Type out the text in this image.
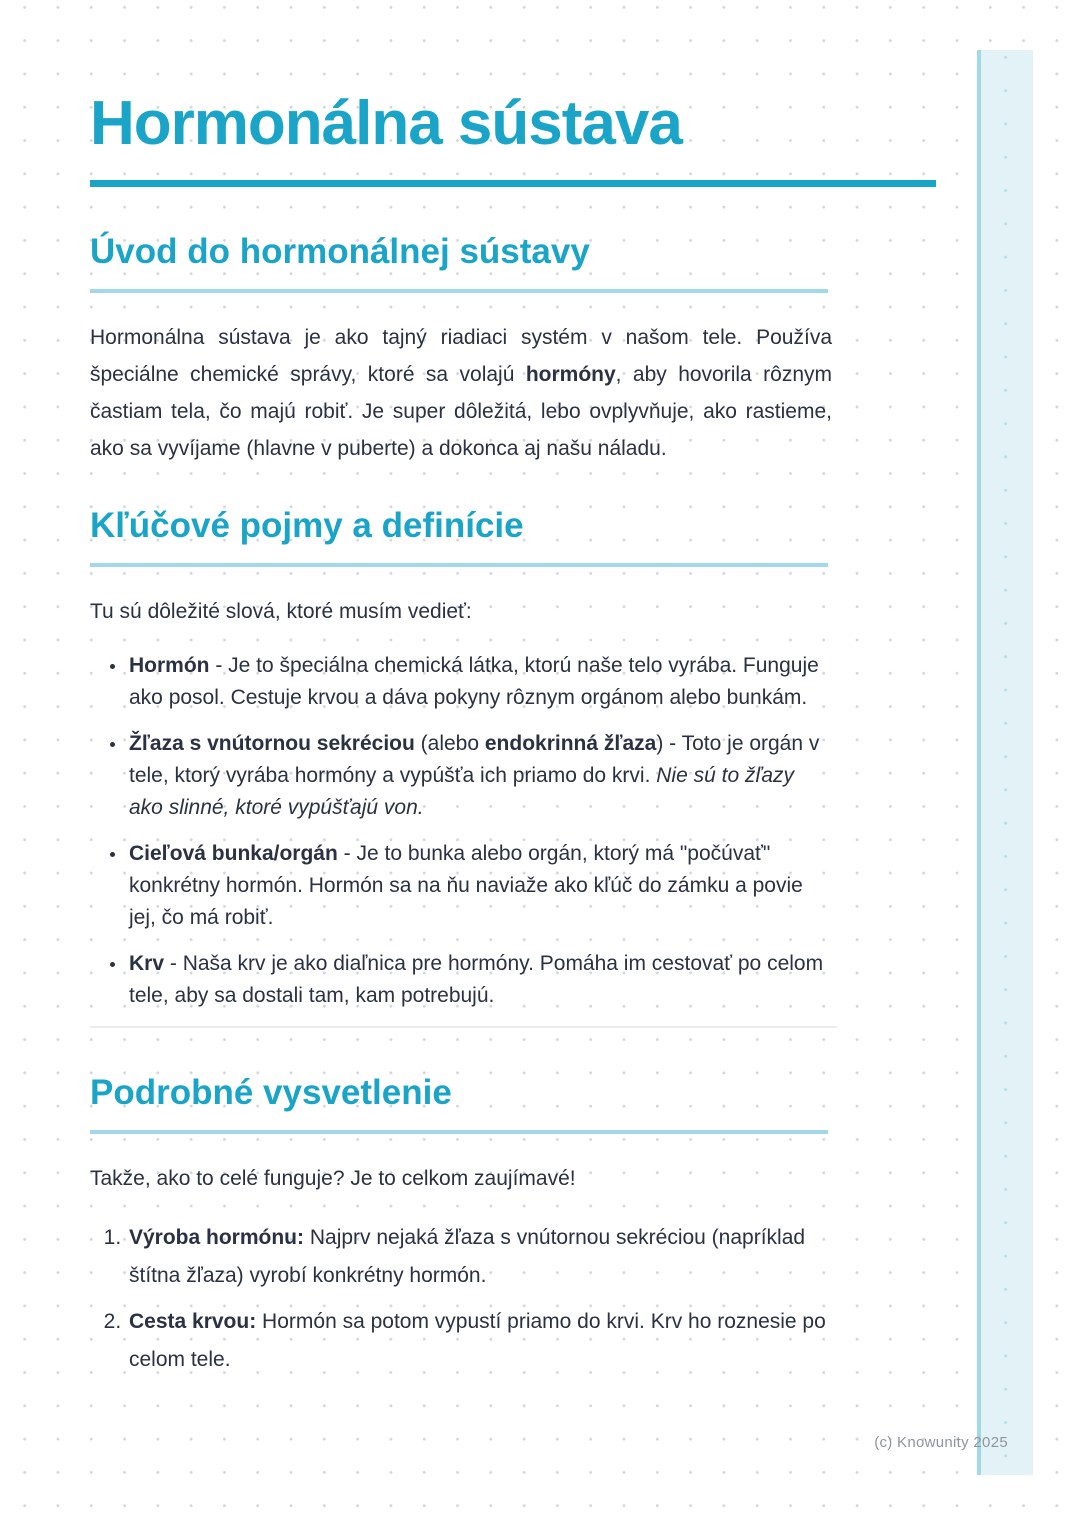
Hormonálna sústava
Úvod do hormonálnej sústavy

Hormonálna sústava je ako tajný riadiaci systém v našom tele. Používa špeciálne chemické správy, ktoré sa volajú hormóny, aby hovorila rôznym častiam tela, čo majú robiť. Je super dôležitá, lebo ovplyvňuje, ako rastieme, ako sa vyvíjame (hlavne v puberte) a dokonca aj našu náladu.

Kľúčové pojmy a definície

Tu sú dôležité slová, ktoré musím vedieť:

• Hormón - Je to špeciálna chemická látka, ktorú naše telo vyrába. Funguje ako posol. Cestuje krvou a dáva pokyny rôznym orgánom alebo bunkám.
• Žľaza s vnútornou sekréciou (alebo endokrinná žľaza) - Toto je orgán v tele, ktorý vyrába hormóny a vypúšťa ich priamo do krvi. Nie sú to žľazy ako slinné, ktoré vypúšťajú von.
• Cieľová bunka/orgán - Je to bunka alebo orgán, ktorý má "počúvať" konkrétny hormón. Hormón sa na ňu naviaže ako kľúč do zámku a povie jej, čo má robiť.
• Krv - Naša krv je ako diaľnica pre hormóny. Pomáha im cestovať po celom tele, aby sa dostali tam, kam potrebujú.
Podrobné vysvetlenie

Takže, ako to celé funguje? Je to celkom zaujímavé!

1. Výroba hormónu: Najprv nejaká žľaza s vnútornou sekréciou (napríklad štítna žľaza) vyrobí konkrétny hormón.
2. Cesta krvou: Hormón sa potom vypustí priamo do krvi. Krv ho roznesie po celom tele.
(c) Knowunity 2025
